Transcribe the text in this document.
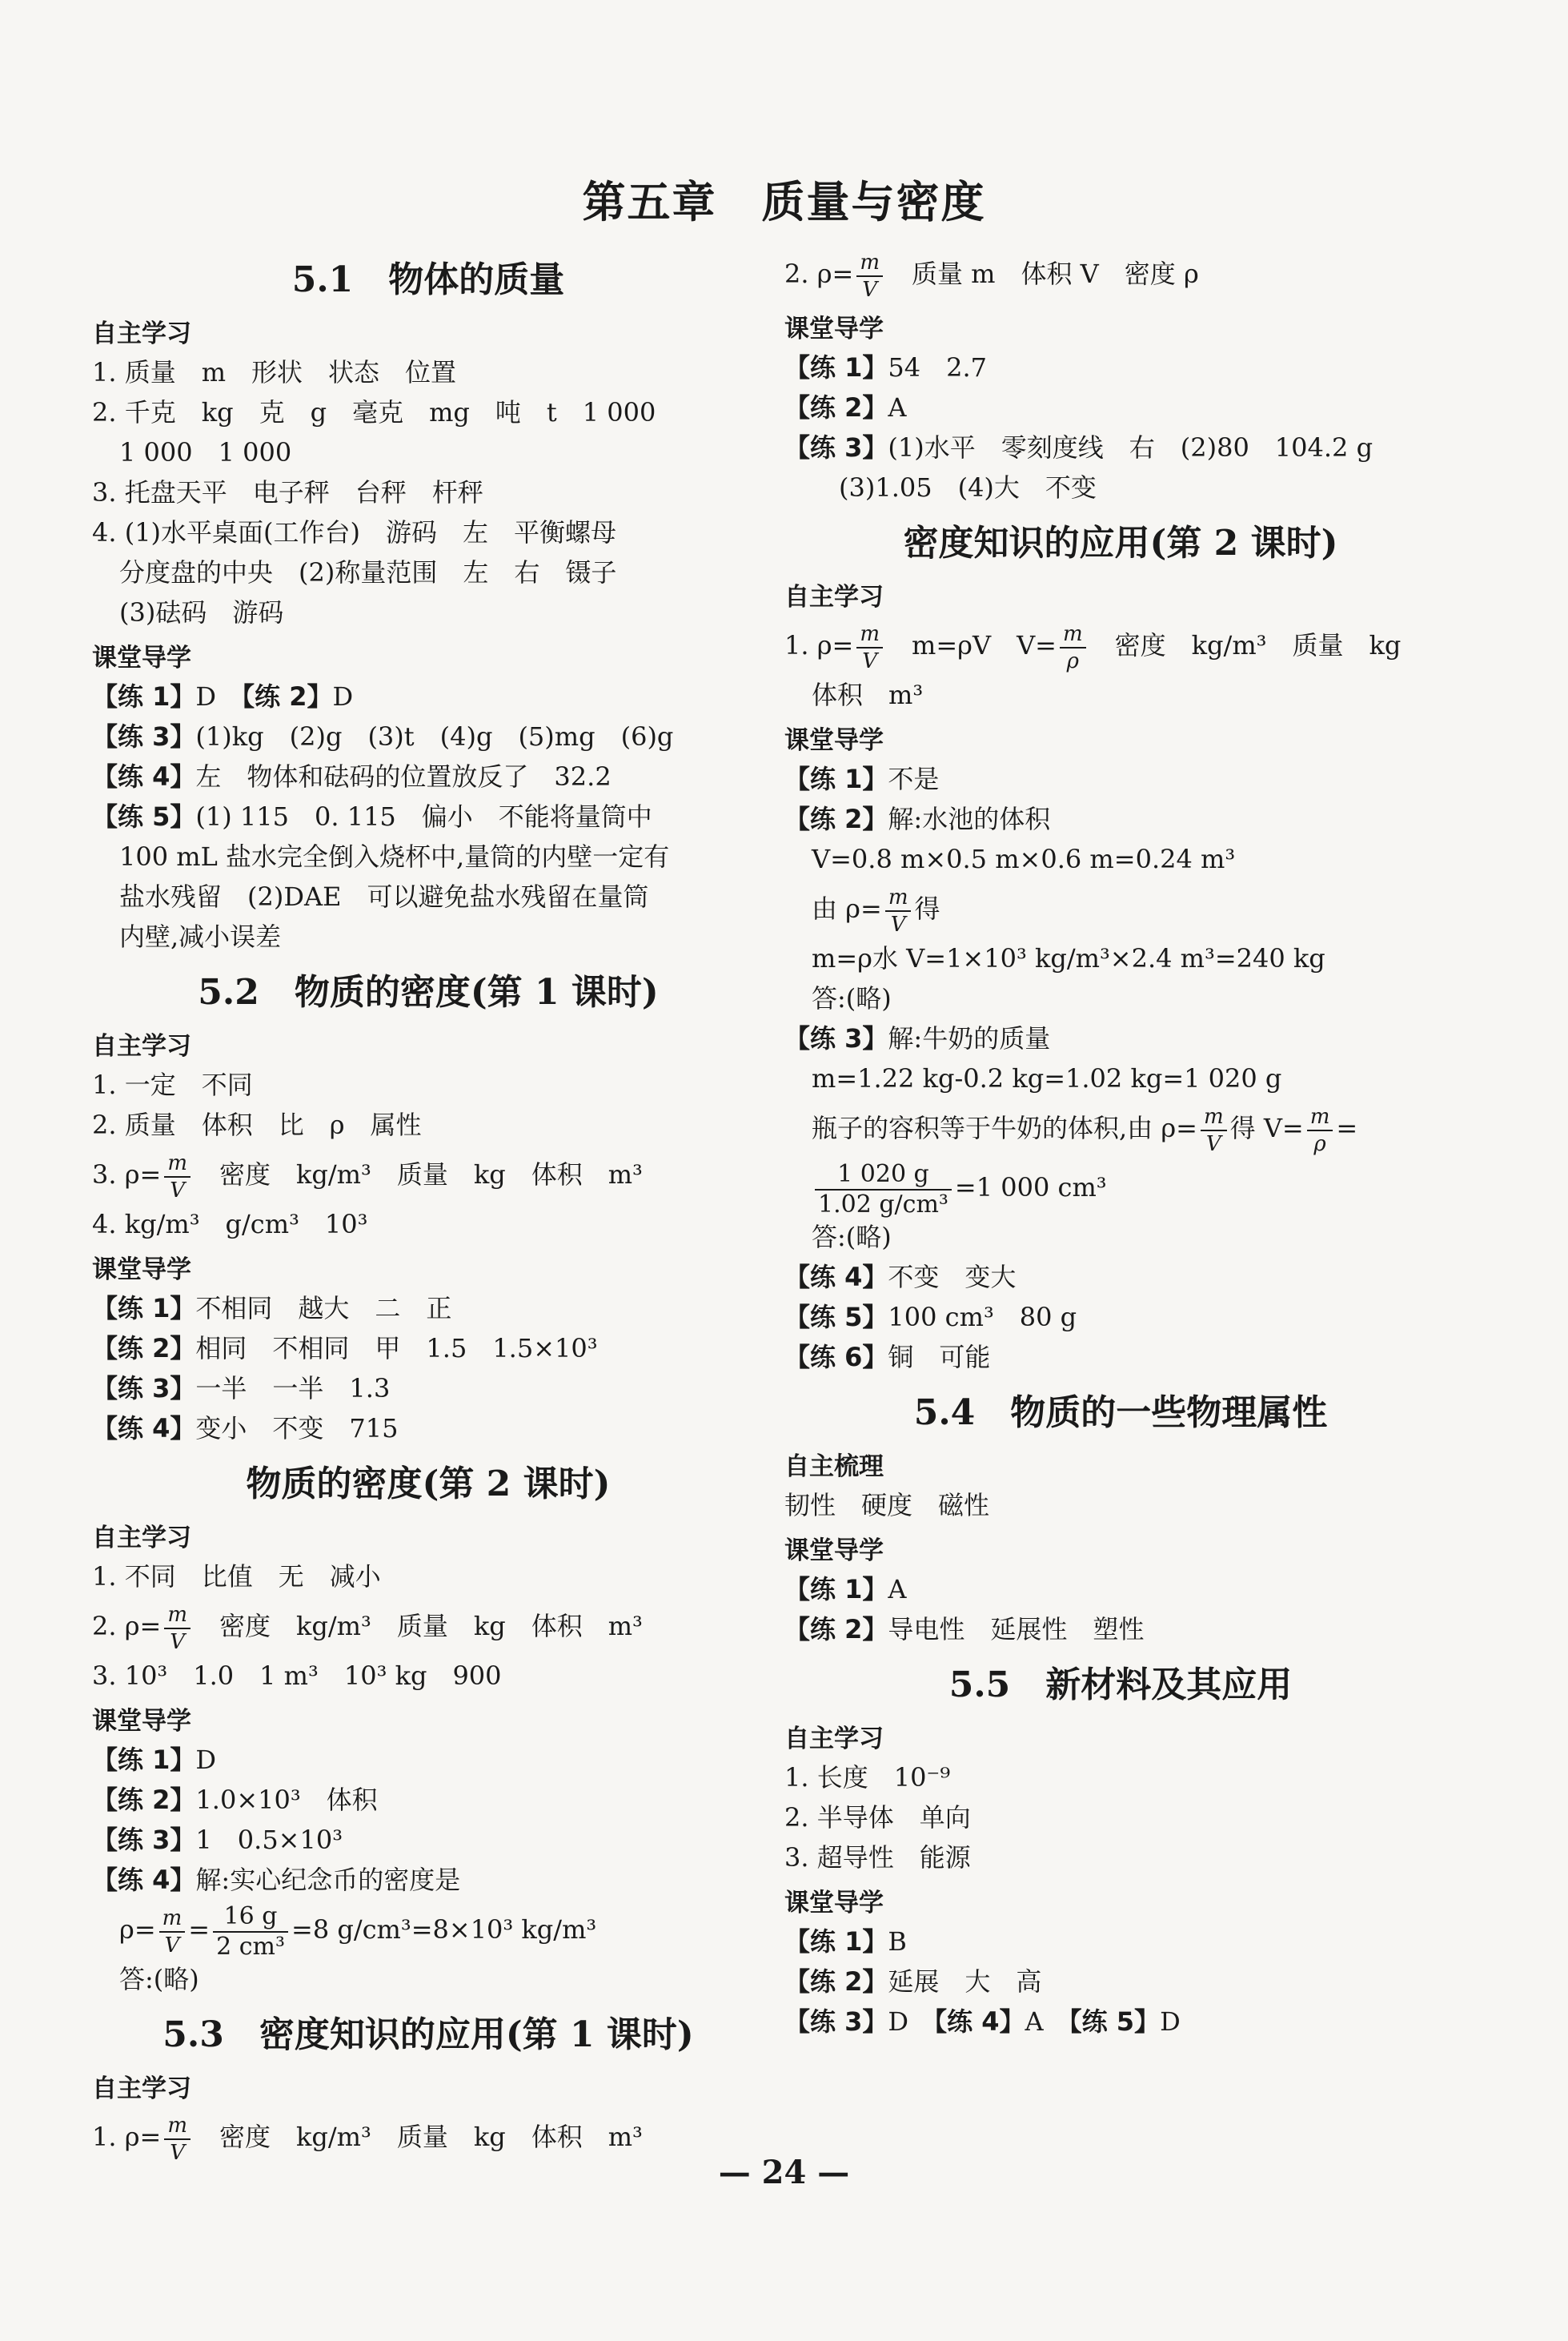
第五章　质量与密度
5.1　物体的质量
自主学习
1. 质量　m　形状　状态　位置
2. 千克　kg　克　g　毫克　mg　吨　t　1 000
1 000　1 000
3. 托盘天平　电子秤　台秤　杆秤
4. (1)水平桌面(工作台)　游码　左　平衡螺母
分度盘的中央　(2)称量范围　左　右　镊子
(3)砝码　游码
课堂导学
【练 1】D　【练 2】D
【练 3】(1)kg　(2)g　(3)t　(4)g　(5)mg　(6)g
【练 4】左　物体和砝码的位置放反了　32.2
【练 5】(1) 115　0. 115　偏小　不能将量筒中
100 mL 盐水完全倒入烧杯中,量筒的内壁一定有
盐水残留　(2)DAE　可以避免盐水残留在量筒
内壁,减小误差
5.2　物质的密度(第 1 课时)
自主学习
1. 一定　不同
2. 质量　体积　比　ρ　属性
3. $\rho= \frac{m}{V}$ 　密度　kg/m³　质量　kg　体积　m³
4. kg/m³　g/cm³　10³
课堂导学
【练 1】不相同　越大　二　正
【练 2】相同　不相同　甲　1.5　1.5×10³
【练 3】一半　一半　1.3
【练 4】变小　不变　715
物质的密度(第 2 课时)
自主学习
1. 不同　比值　无　减小
2. $\rho= \frac{m}{V}$ 　密度　kg/m³　质量　kg　体积　m³
3. 10³　1.0　1 m³　10³ kg　900
课堂导学
【练 1】D
【练 2】1.0×10³　体积
【练 3】1　0.5×10³
【练 4】解:实心纪念币的密度是
$\rho= \frac{m}{V} = \frac{16 g}{\text{2 cm³}} =8$ g/cm³=8×10³ kg/m³
答:(略)
5.3　密度知识的应用(第 1 课时)
自主学习
1. $\rho= \frac{m}{V}$ 　密度　kg/m³　质量　kg　体积　m³
2. $\rho= \frac{m}{V}$ 　质量 m　体积 V　密度 ρ
课堂导学
【练 1】54　2.7
【练 2】A
【练 3】(1)水平　零刻度线　右　(2)80　104.2 g
(3)1.05　(4)大　不变
密度知识的应用(第 2 课时)
自主学习
1. $\rho= \frac{m}{V}$ 　m=ρV　$V= \frac{m}{\rho}$ 　密度　kg/m³　质量　kg
体积　m³
课堂导学
【练 1】不是
【练 2】解:水池的体积
V=0.8 m×0.5 m×0.6 m=0.24 m³
由 $\rho= \frac{m}{V}$ 得
m=ρ水 V=1×10³ kg/m³×2.4 m³=240 kg
答:(略)
【练 3】解:牛奶的质量
m=1.22 kg-0.2 kg=1.02 kg=1 020 g
瓶子的容积等于牛奶的体积,由 $\rho= \frac{m}{V}$ 得 $V= \frac{m}{\rho}$ =
$\frac{1 020 g}{\text{1.02 g/cm³}} =1$ 000 cm³
答:(略)
【练 4】不变　变大
【练 5】100 cm³　80 g
【练 6】铜　可能
5.4　物质的一些物理属性
自主梳理
韧性　硬度　磁性
课堂导学
【练 1】A
【练 2】导电性　延展性　塑性
5.5　新材料及其应用
自主学习
1. 长度　10⁻⁹
2. 半导体　单向
3. 超导性　能源
课堂导学
【练 1】B
【练 2】延展　大　高
【练 3】D　【练 4】A　【练 5】D
— 24 —
